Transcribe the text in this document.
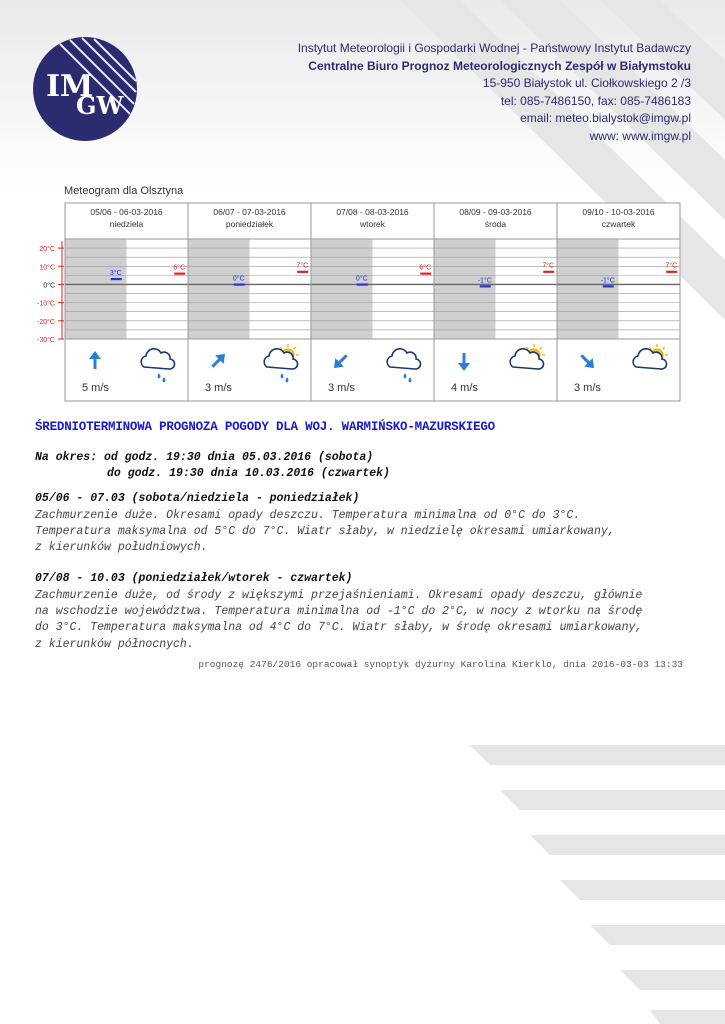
IM
GW
Instytut Meteorologii i Gospodarki Wodnej - Państwowy Instytut Badawczy
Centralne Biuro Prognoz Meteorologicznych Zespół w Białymstoku
15-950 Białystok ul. Ciołkowskiego 2 /3
tel: 085-7486150, fax: 085-7486183
email: meteo.bialystok@imgw.pl
www: www.imgw.pl
Meteogram dla Olsztyna
20°C
10°C
0°C
-10°C
-20°C
-30°C
05/06 - 06-03-2016
niedziela
3°C
6°C
5 m/s
06/07 - 07-03-2016
poniedziałek
0°C
7°C
3 m/s
07/08 - 08-03-2016
wtorek
0°C
6°C
3 m/s
08/09 - 09-03-2016
środa
-1°C
7°C
4 m/s
09/10 - 10-03-2016
czwartek
-1°C
7°C
3 m/s
ŚREDNIOTERMINOWA PROGNOZA POGODY DLA WOJ. WARMIŃSKO-MAZURSKIEGO
Na okres: od godz. 19:30 dnia 05.03.2016 (sobota)
do godz. 19:30 dnia 10.03.2016 (czwartek)
05/06 - 07.03 (sobota/niedziela - poniedziałek)
Zachmurzenie duże. Okresami opady deszczu. Temperatura minimalna od 0°C do 3°C.
Temperatura maksymalna od 5°C do 7°C. Wiatr słaby, w niedzielę okresami umiarkowany,
z kierunków południowych.
07/08 - 10.03 (poniedziałek/wtorek - czwartek)
Zachmurzenie duże, od środy z większymi przejaśnieniami. Okresami opady deszczu, głównie
na wschodzie województwa. Temperatura minimalna od -1°C do 2°C, w nocy z wtorku na środę
do 3°C. Temperatura maksymalna od 4°C do 7°C. Wiatr słaby, w środę okresami umiarkowany,
z kierunków północnych.
prognozę 2476/2016 opracował synoptyk dyżurny Karolina Kierklo, dnia 2016-03-03 13:33
